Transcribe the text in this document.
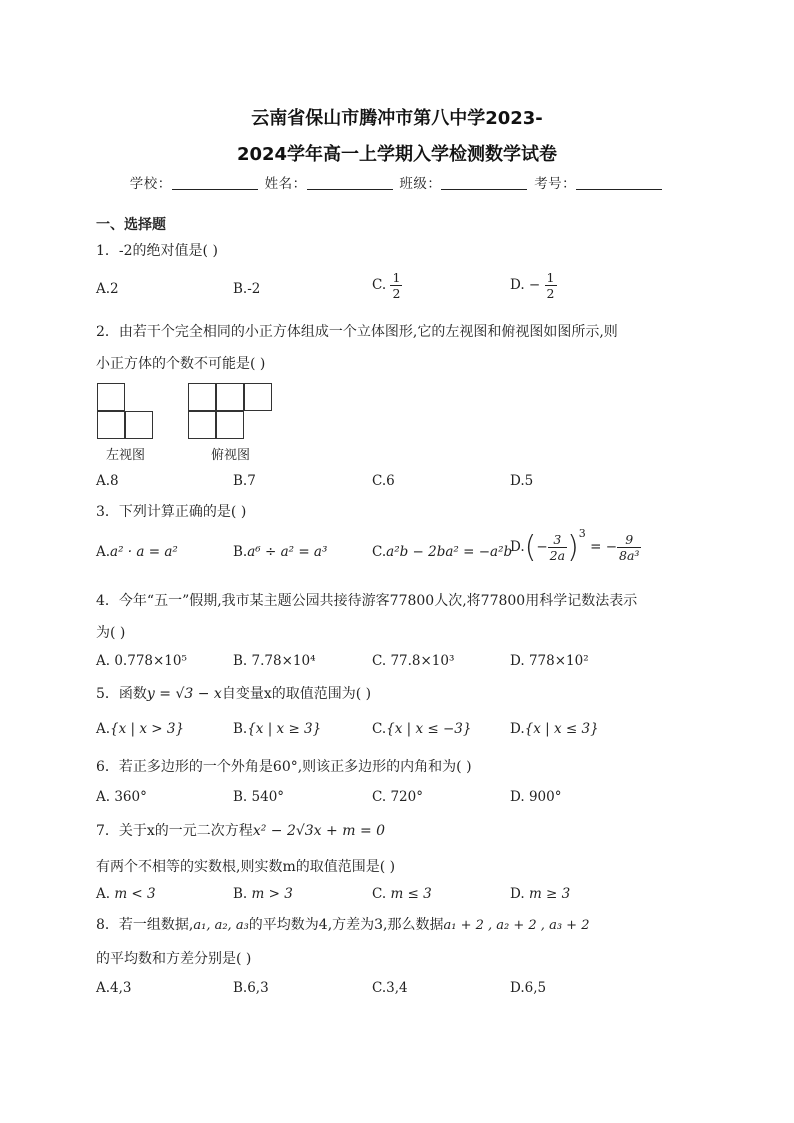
云南省保山市腾冲市第八中学2023-
2024学年高一上学期入学检测数学试卷
学校：	姓名：	班级：	考号：
一、选择题
1．-2的绝对值是( )
A.2	B.-2	C. $\frac{1}{2}$	D. − $\frac{1}{2}$
2．由若干个完全相同的小正方体组成一个立体图形,它的左视图和俯视图如图所示,则
小正方体的个数不可能是( )
左视图	俯视图
A.8	B.7	C.6	D.5
3．下列计算正确的是( )
A.a² · a = a²	B.a⁶ ÷ a² = a³	C.a²b − 2ba² = −a²b
$D.(- \frac{3}{2a} )^3$ = − $\frac{9}{\text{8a³}}$
4．今年“五一”假期,我市某主题公园共接待游客77800人次,将77800用科学记数法表示
为( )
A. 0.778×10⁵	B. 7.78×10⁴	C. 77.8×10³	D. 778×10²
5．函数y = √3 − x自变量x的取值范围为( )
A.{x | x > 3}	B.{x | x ≥ 3}	C.{x | x ≤ −3}	D.{x | x ≤ 3}
6．若正多边形的一个外角是60°,则该正多边形的内角和为( )
A. 360°	B. 540°	C. 720°	D. 900°
7．关于x的一元二次方程x² − 2√3x + m = 0
有两个不相等的实数根,则实数m的取值范围是( )
A. m < 3	B. m > 3	C. m ≤ 3	D. m ≥ 3
8．若一组数据,a₁, a₂, a₃的平均数为4,方差为3,那么数据a₁ + 2 , a₂ + 2 , a₃ + 2
的平均数和方差分别是( )
A.4,3	B.6,3	C.3,4	D.6,5
